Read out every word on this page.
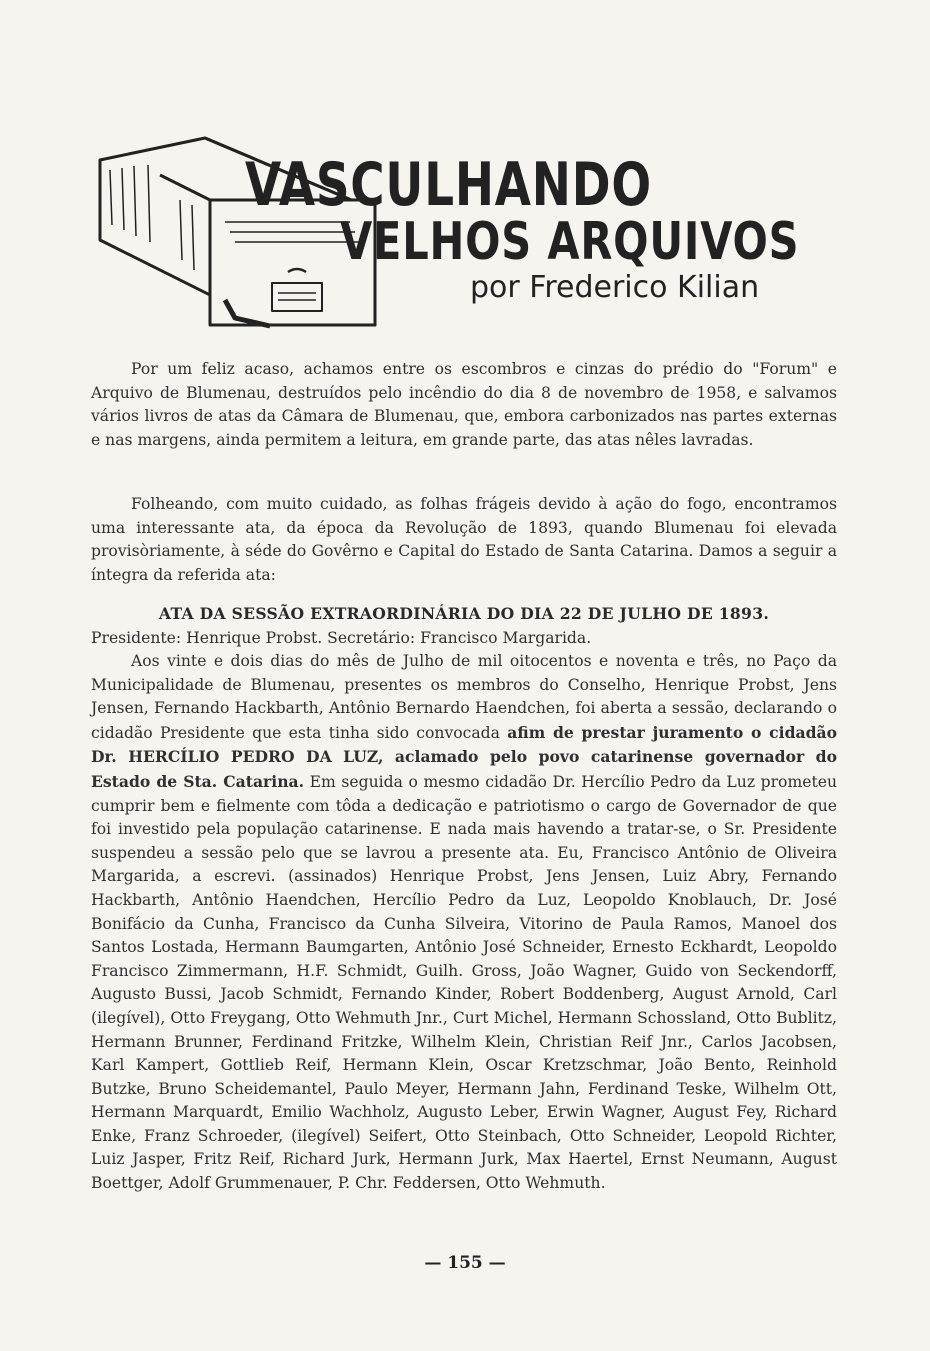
VASCULHANDO
VELHOS ARQUIVOS
por Frederico Kilian

Por um feliz acaso, achamos entre os escombros e cinzas do prédio do "Forum" e Arquivo de Blumenau, destruídos pelo incêndio do dia 8 de novembro de 1958, e salvamos vários livros de atas da Câmara de Blumenau, que, embora carbonizados nas partes externas e nas margens, ainda permitem a leitura, em grande parte, das atas nêles lavradas.

Folheando, com muito cuidado, as folhas frágeis devido à ação do fogo, encontramos uma interessante ata, da época da Revolução de 1893, quando Blumenau foi elevada provisòriamente, à séde do Govêrno e Capital do Estado de Santa Catarina. Damos a seguir a íntegra da referida ata:

ATA DA SESSÃO EXTRAORDINÁRIA DO DIA 22 DE JULHO DE 1893.

Presidente: Henrique Probst. Secretário: Francisco Margarida.

Aos vinte e dois dias do mês de Julho de mil oitocentos e noventa e três, no Paço da Municipalidade de Blumenau, presentes os membros do Conselho, Henrique Probst, Jens Jensen, Fernando Hackbarth, Antônio Bernardo Haendchen, foi aberta a sessão, declarando o cidadão Presidente que esta tinha sido convocada afim de prestar juramento o cidadão Dr. HERCÍLIO PEDRO DA LUZ, aclamado pelo povo catarinense governador do Estado de Sta. Catarina. Em seguida o mesmo cidadão Dr. Hercílio Pedro da Luz prometeu cumprir bem e fielmente com tôda a dedicação e patriotismo o cargo de Governador de que foi investido pela população catarinense. E nada mais havendo a tratar-se, o Sr. Presidente suspendeu a sessão pelo que se lavrou a presente ata. Eu, Francisco Antônio de Oliveira Margarida, a escrevi. (assinados) Henrique Probst, Jens Jensen, Luiz Abry, Fernando Hackbarth, Antônio Haendchen, Hercílio Pedro da Luz, Leopoldo Knoblauch, Dr. José Bonifácio da Cunha, Francisco da Cunha Silveira, Vitorino de Paula Ramos, Manoel dos Santos Lostada, Hermann Baumgarten, Antônio José Schneider, Ernesto Eckhardt, Leopoldo Francisco Zimmermann, H.F. Schmidt, Guilh. Gross, João Wagner, Guido von Seckendorff, Augusto Bussi, Jacob Schmidt, Fernando Kinder, Robert Boddenberg, August Arnold, Carl (ilegível), Otto Freygang, Otto Wehmuth Jnr., Curt Michel, Hermann Schossland, Otto Bublitz, Hermann Brunner, Ferdinand Fritzke, Wilhelm Klein, Christian Reif Jnr., Carlos Jacobsen, Karl Kampert, Gottlieb Reif, Hermann Klein, Oscar Kretzschmar, João Bento, Reinhold Butzke, Bruno Scheidemantel, Paulo Meyer, Hermann Jahn, Ferdinand Teske, Wilhelm Ott, Hermann Marquardt, Emilio Wachholz, Augusto Leber, Erwin Wagner, August Fey, Richard Enke, Franz Schroeder, (ilegível) Seifert, Otto Steinbach, Otto Schneider, Leopold Richter, Luiz Jasper, Fritz Reif, Richard Jurk, Hermann Jurk, Max Haertel, Ernst Neumann, August Boettger, Adolf Grummenauer, P. Chr. Feddersen, Otto Wehmuth.

— 155 —
